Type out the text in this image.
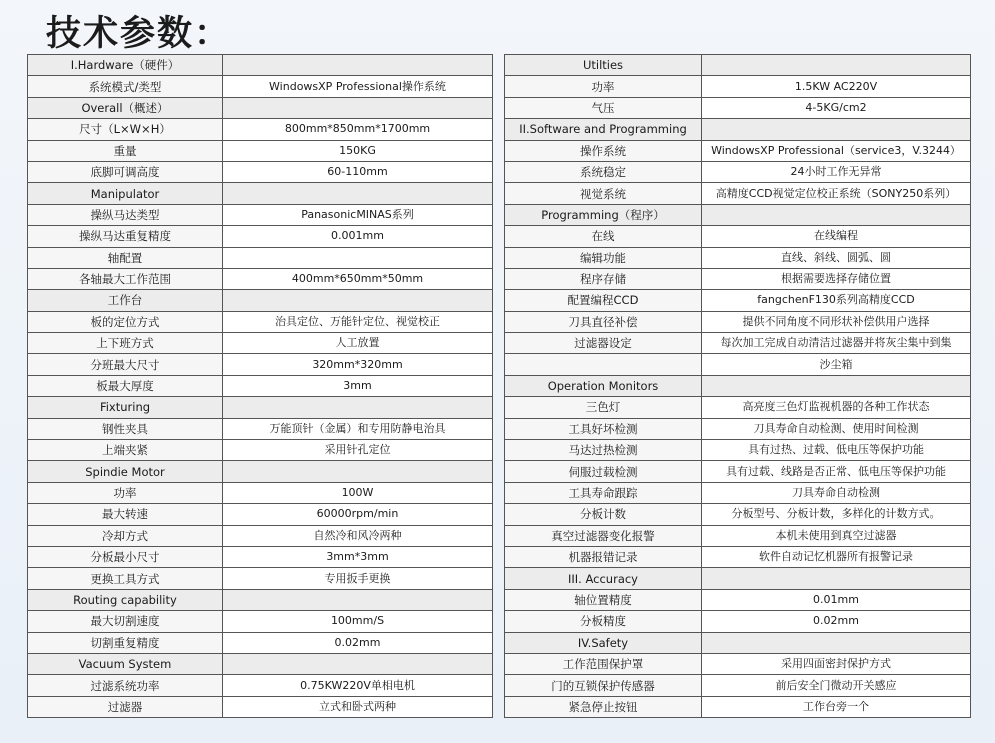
技术参数：
I.Hardware（硬件）	
系统模式/类型	WindowsXP Professional操作系统
Overall（概述）	
尺寸（L×W×H）	800mm*850mm*1700mm
重量	150KG
底脚可调高度	60-110mm
Manipulator	
操纵马达类型	PanasonicMINAS系列
操纵马达重复精度	0.001mm
轴配置	
各轴最大工作范围	400mm*650mm*50mm
工作台	
板的定位方式	治具定位、万能针定位、视觉校正
上下班方式	人工放置
分班最大尺寸	320mm*320mm
板最大厚度	3mm
Fixturing	
钢性夹具	万能顶针（金属）和专用防静电治具
上端夹紧	采用针孔定位
Spindie Motor	
功率	100W
最大转速	60000rpm/min
冷却方式	自然冷和风冷两种
分板最小尺寸	3mm*3mm
更换工具方式	专用扳手更换
Routing capability	
最大切割速度	100mm/S
切割重复精度	0.02mm
Vacuum System	
过滤系统功率	0.75KW220V单相电机
过滤器	立式和卧式两种
Utilties	
功率	1.5KW AC220V
气压	4-5KG/cm2
II.Software and Programming	
操作系统	WindowsXP Professional（service3，V.3244）
系统稳定	24小时工作无异常
视觉系统	高精度CCD视觉定位校正系统（SONY250系列）
Programming（程序）	
在线	在线编程
编辑功能	直线、斜线、圆弧、圆
程序存储	根据需要选择存储位置
配置编程CCD	fangchenF130系列高精度CCD
刀具直径补偿	提供不同角度不同形状补偿供用户选择
过滤器设定	每次加工完成自动清洁过滤器并将灰尘集中到集
	沙尘箱
Operation Monitors	
三色灯	高亮度三色灯监视机器的各种工作状态
工具好坏检测	刀具寿命自动检测、使用时间检测
马达过热检测	具有过热、过载、低电压等保护功能
伺服过载检测	具有过载、线路是否正常、低电压等保护功能
工具寿命跟踪	刀具寿命自动检测
分板计数	分板型号、分板计数，多样化的计数方式。
真空过滤器变化报警	本机未使用到真空过滤器
机器报错记录	软件自动记忆机器所有报警记录
III. Accuracy	
轴位置精度	0.01mm
分板精度	0.02mm
IV.Safety	
工作范围保护罩	采用四面密封保护方式
门的互锁保护传感器	前后安全门微动开关感应
紧急停止按钮	工作台旁一个
